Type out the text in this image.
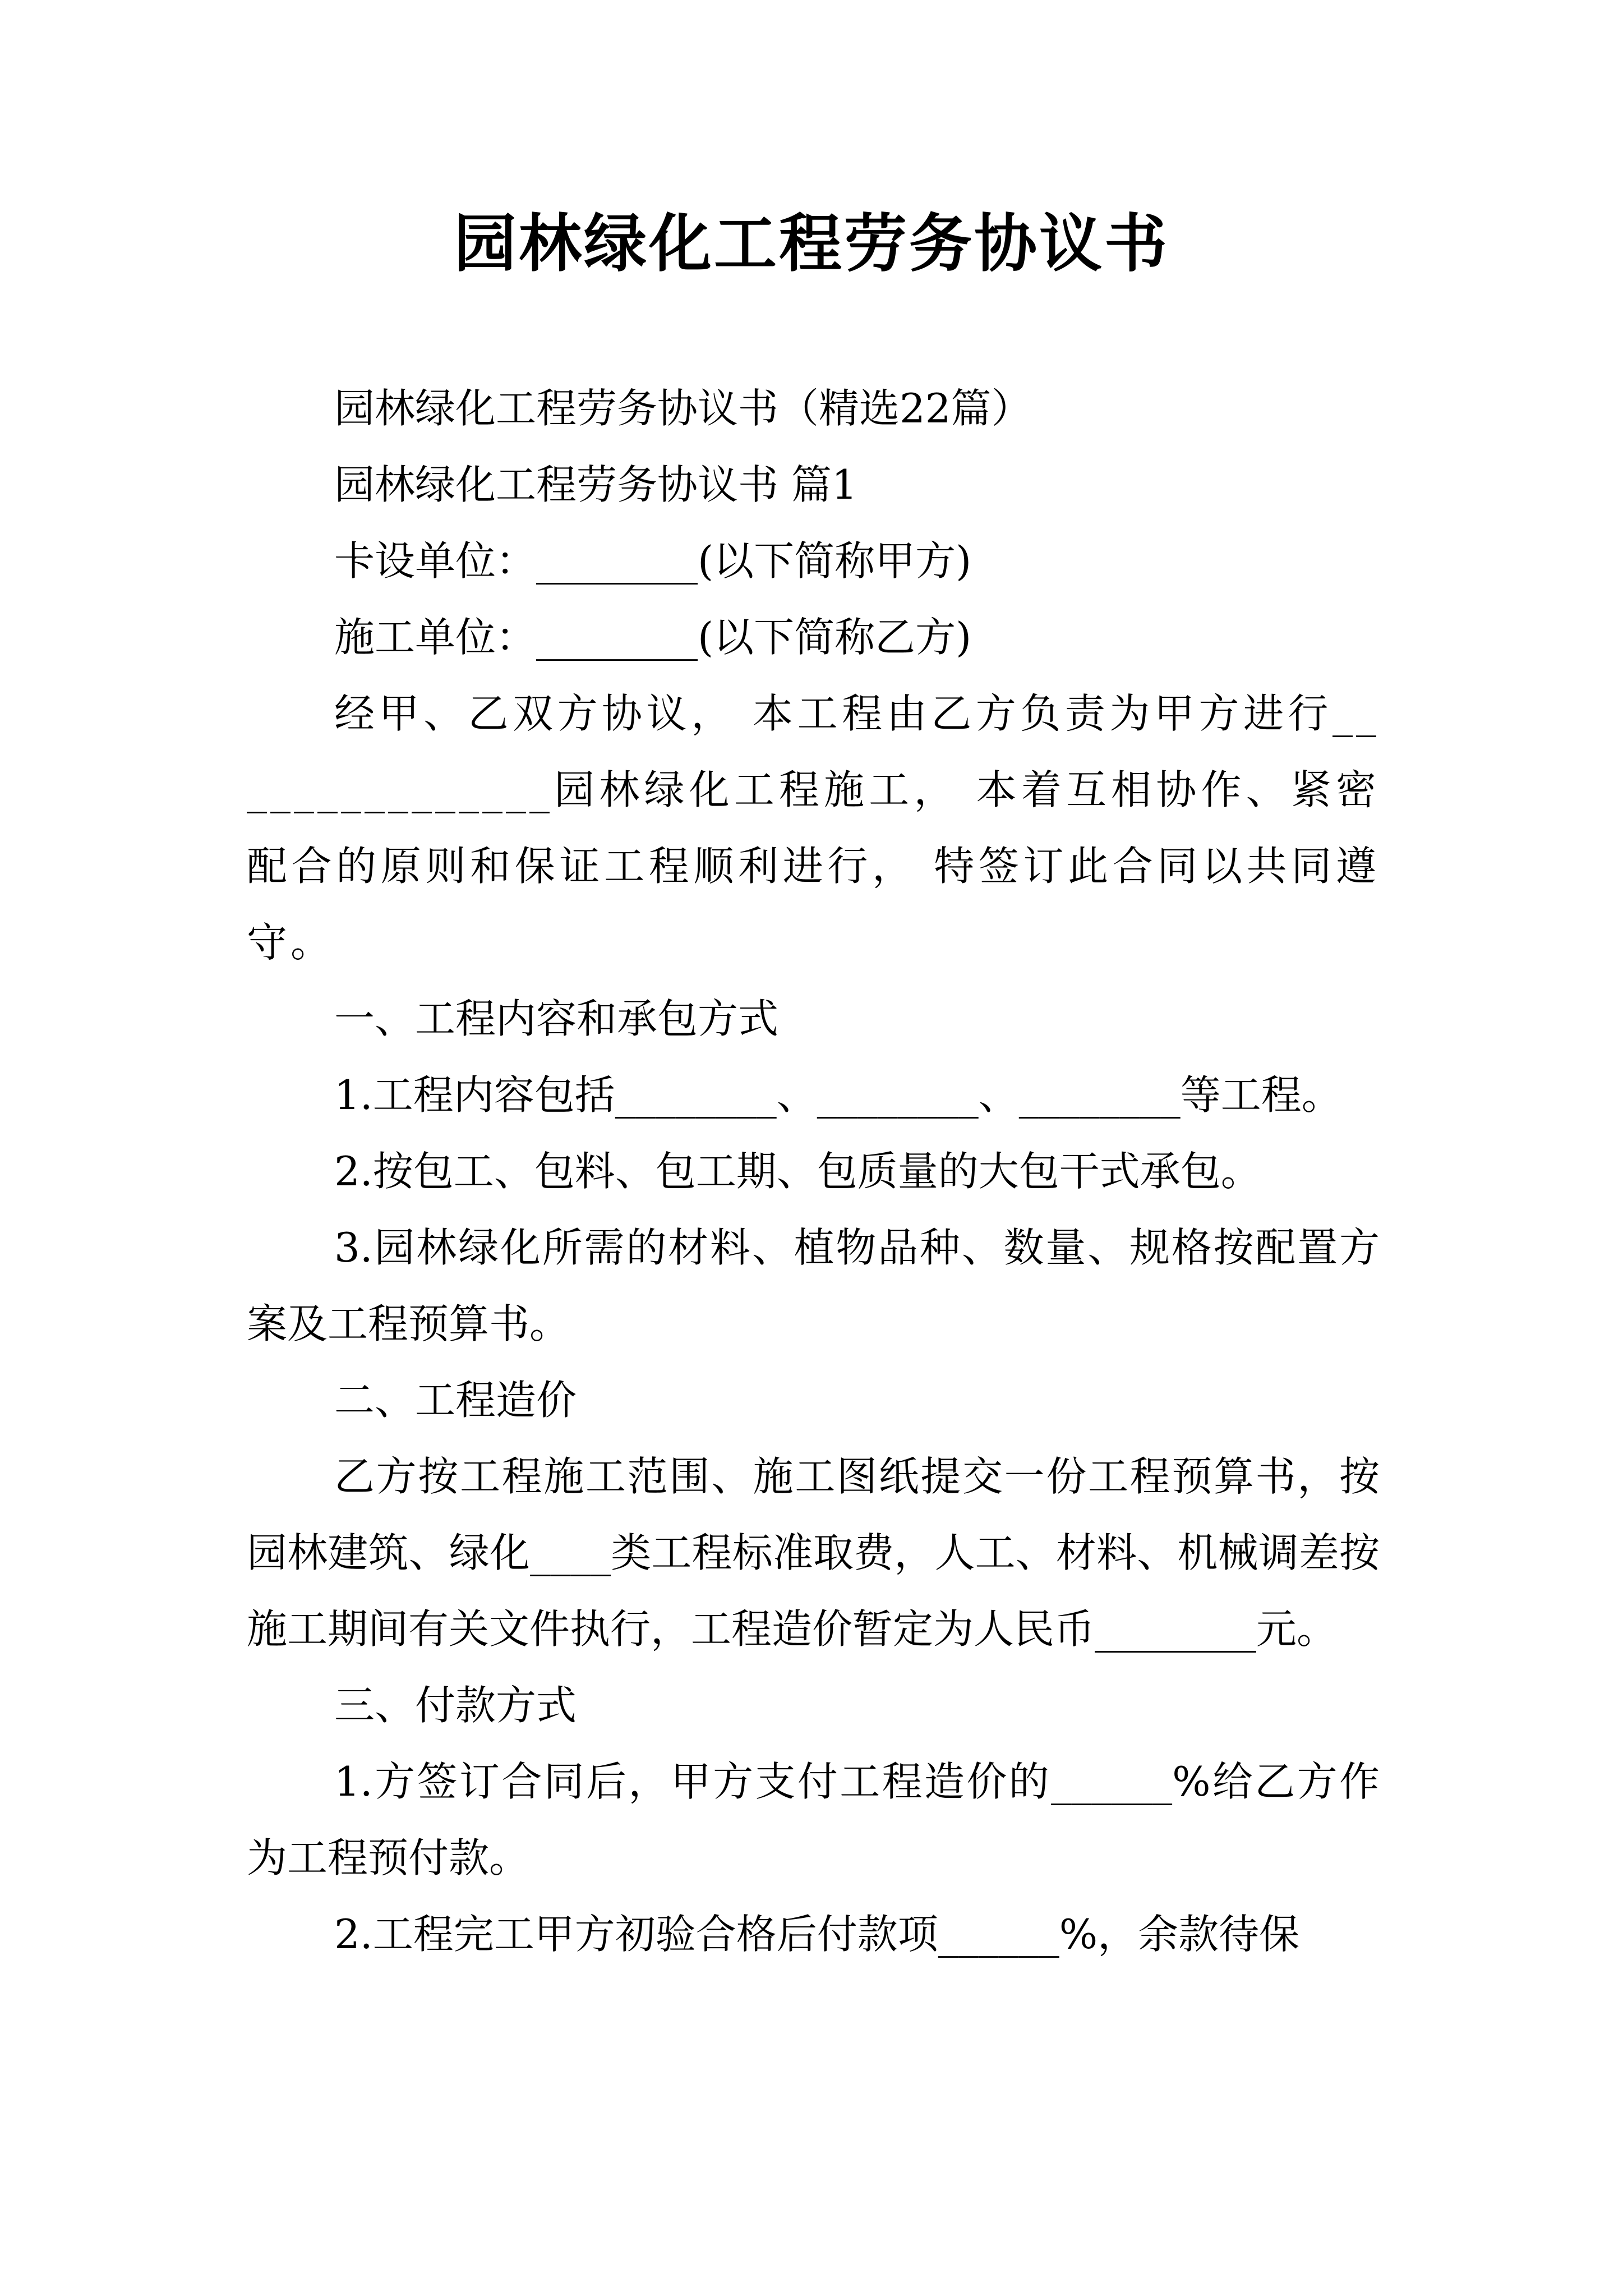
园林绿化工程劳务协议书

园林绿化工程劳务协议书（精选22篇）

园林绿化工程劳务协议书 篇1

卡设单位：________(以下简称甲方)

施工单位：________(以下简称乙方)

经甲、乙双方协议， 本工程由乙方负责为甲方进行_______________园林绿化工程施工， 本着互相协作、紧密配合的原则和保证工程顺利进行， 特签订此合同以共同遵守。

一、工程内容和承包方式

1.工程内容包括________、________、________等工程。

2.按包工、包料、包工期、包质量的大包干式承包。

3.园林绿化所需的材料、植物品种、数量、规格按配置方案及工程预算书。

二、工程造价

乙方按工程施工范围、施工图纸提交一份工程预算书，按园林建筑、绿化____类工程标准取费，人工、材料、机械调差按施工期间有关文件执行，工程造价暂定为人民币________元。

三、付款方式

1.方签订合同后，甲方支付工程造价的______%给乙方作为工程预付款。

2.工程完工甲方初验合格后付款项______%，余款待保
